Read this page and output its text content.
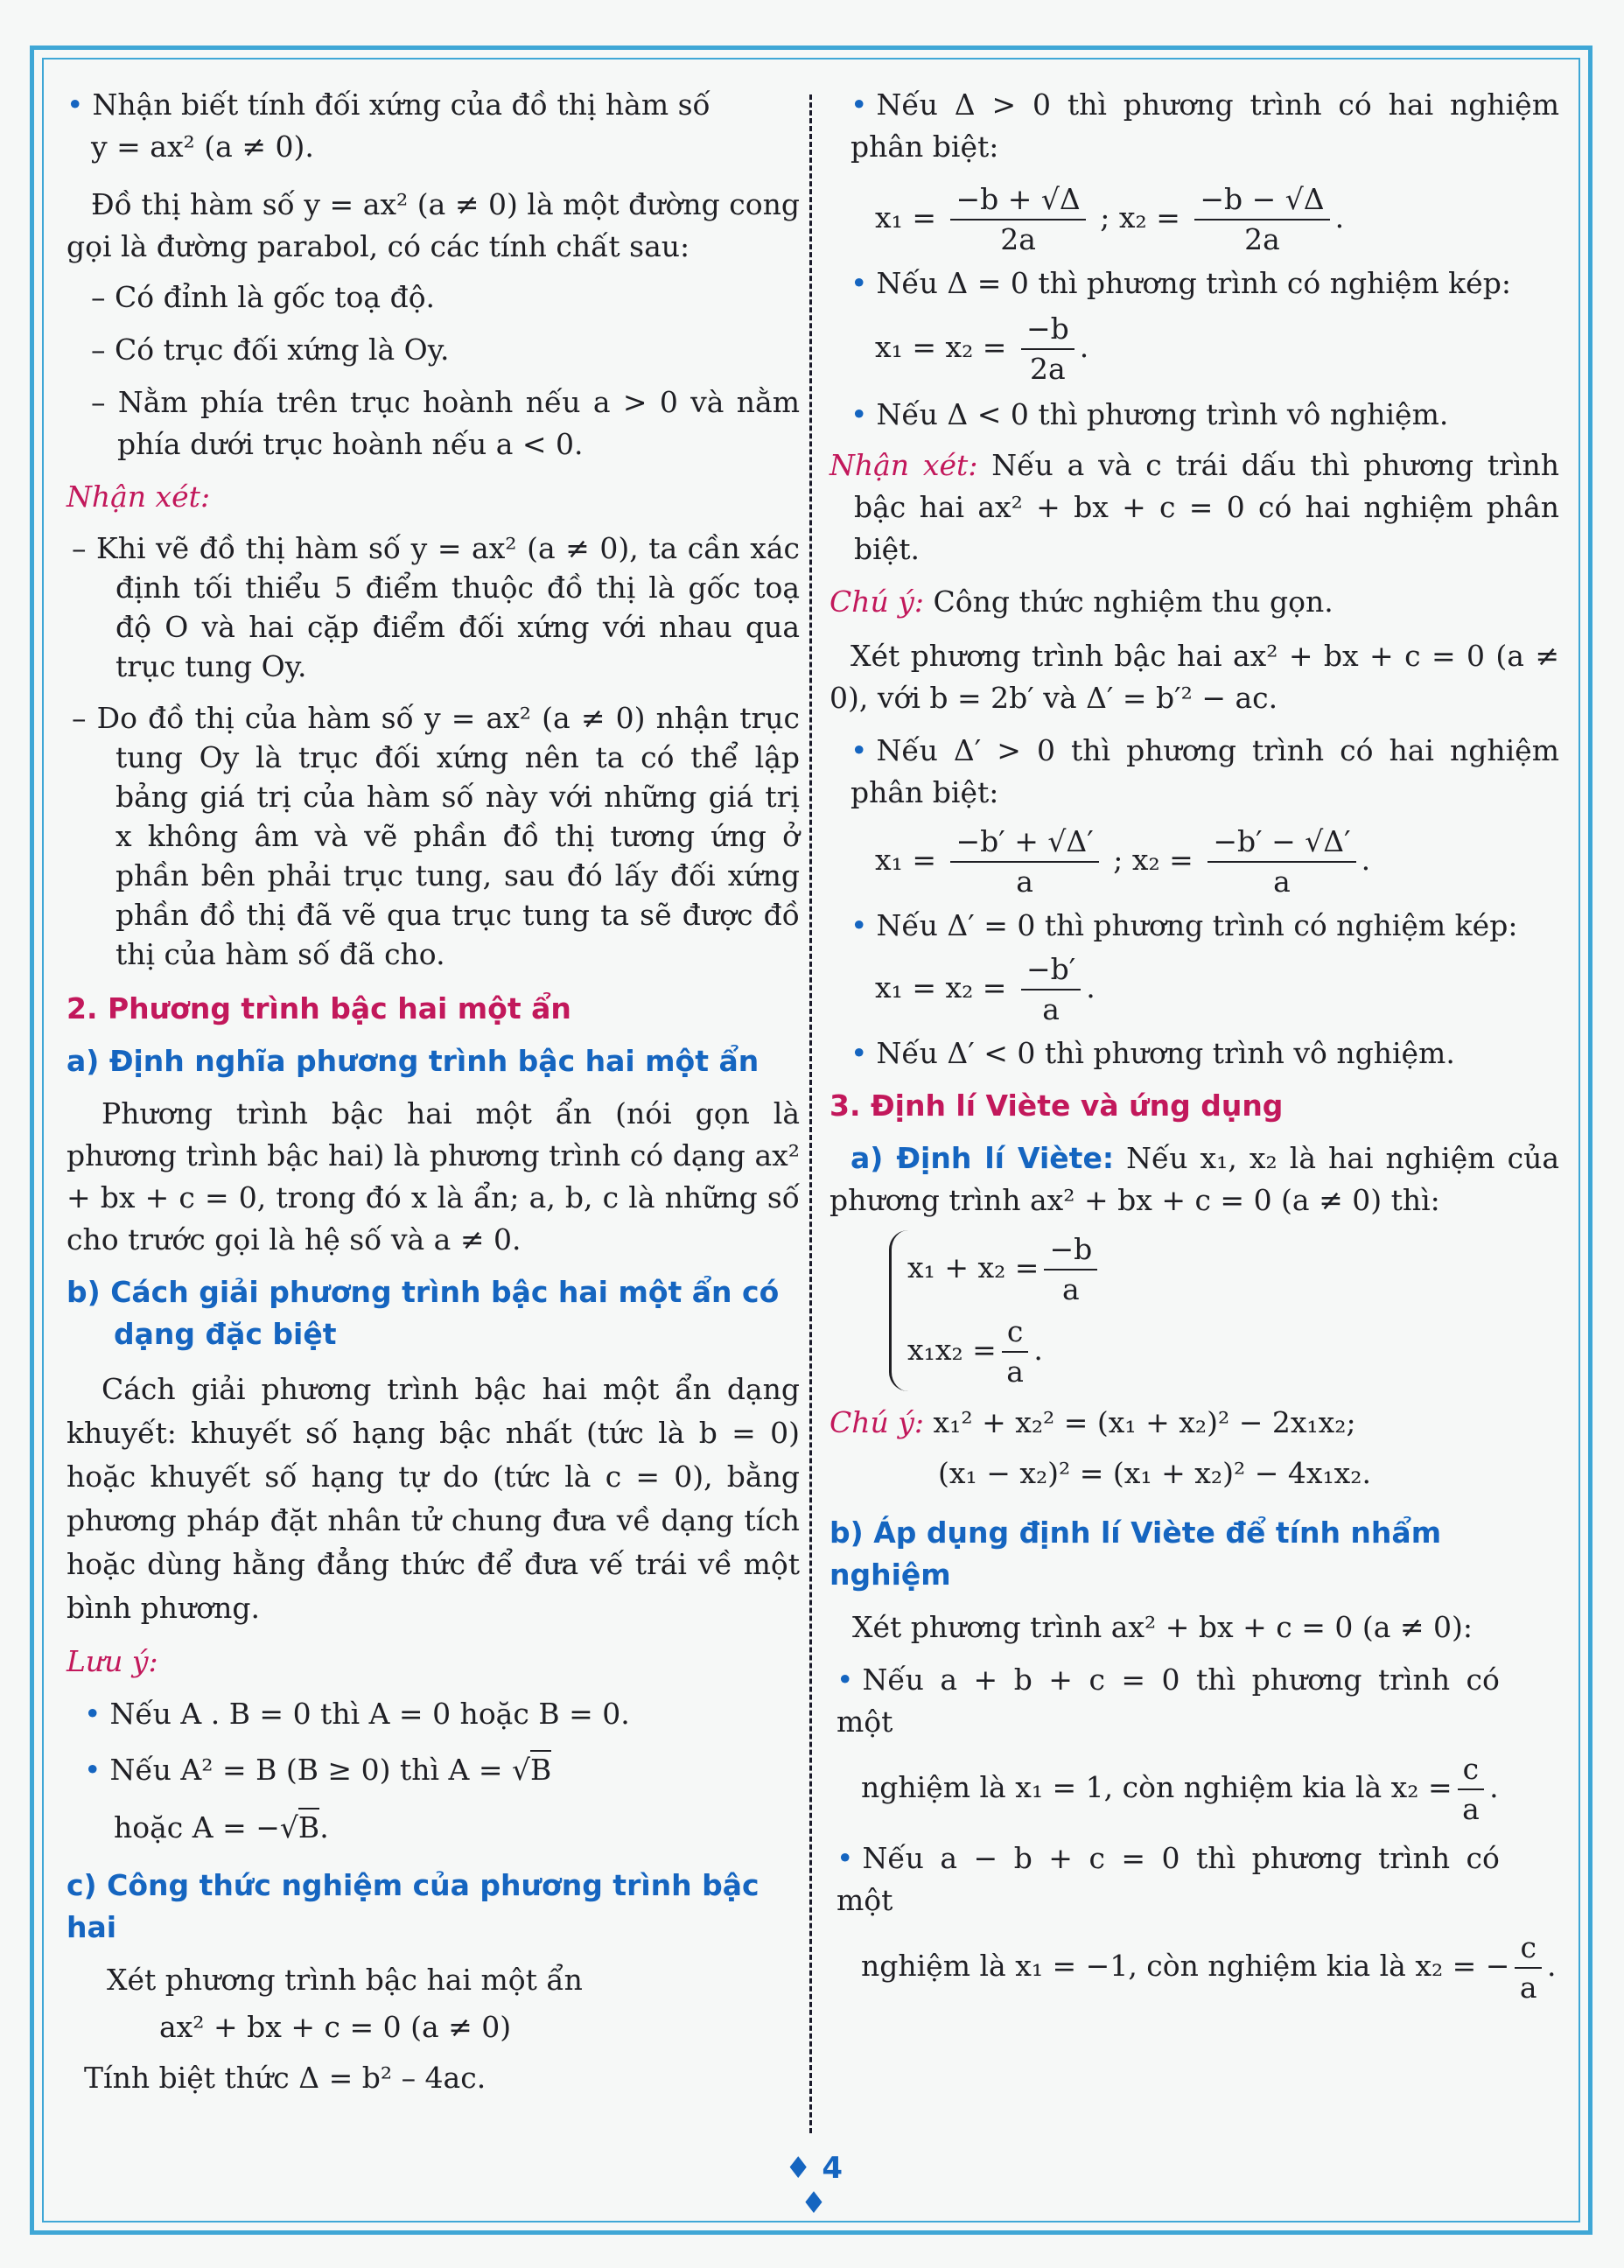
• Nhận biết tính đối xứng của đồ thị hàm số

y = ax² (a ≠ 0).

Đồ thị hàm số y = ax² (a ≠ 0) là một đường cong gọi là đường parabol, có các tính chất sau:

– Có đỉnh là gốc toạ độ.

– Có trục đối xứng là Oy.

– Nằm phía trên trục hoành nếu a > 0 và nằm phía dưới trục hoành nếu a < 0.

Nhận xét:

– Khi vẽ đồ thị hàm số y = ax² (a ≠ 0), ta cần xác định tối thiểu 5 điểm thuộc đồ thị là gốc toạ độ O và hai cặp điểm đối xứng với nhau qua trục tung Oy.

– Do đồ thị của hàm số y = ax² (a ≠ 0) nhận trục tung Oy là trục đối xứng nên ta có thể lập bảng giá trị của hàm số này với những giá trị x không âm và vẽ phần đồ thị tương ứng ở phần bên phải trục tung, sau đó lấy đối xứng phần đồ thị đã vẽ qua trục tung ta sẽ được đồ thị của hàm số đã cho.

2. Phương trình bậc hai một ẩn

a) Định nghĩa phương trình bậc hai một ẩn

Phương trình bậc hai một ẩn (nói gọn là phương trình bậc hai) là phương trình có dạng ax² + bx + c = 0, trong đó x là ẩn; a, b, c là những số cho trước gọi là hệ số và a ≠ 0.

b) Cách giải phương trình bậc hai một ẩn có dạng đặc biệt

Cách giải phương trình bậc hai một ẩn dạng khuyết: khuyết số hạng bậc nhất (tức là b = 0) hoặc khuyết số hạng tự do (tức là c = 0), bằng phương pháp đặt nhân tử chung đưa về dạng tích hoặc dùng hằng đẳng thức để đưa vế trái về một bình phương.

Lưu ý:

• Nếu A . B = 0 thì A = 0 hoặc B = 0.

• Nếu A² = B (B ≥ 0) thì A = √B

hoặc A = −√B.

c) Công thức nghiệm của phương trình bậc hai

Xét phương trình bậc hai một ẩn

ax² + bx + c = 0 (a ≠ 0)

Tính biệt thức Δ = b² – 4ac.

• Nếu Δ > 0 thì phương trình có hai nghiệm phân biệt:

$x_1 = \frac{-b + √\Delta}{2a}$ ; $x_2 = \frac{-b - √\Delta}{2a}$ .

• Nếu Δ = 0 thì phương trình có nghiệm kép:

$x_1 = x_2 = \frac{-b}{2a}$ .

• Nếu Δ < 0 thì phương trình vô nghiệm.

Nhận xét: Nếu a và c trái dấu thì phương trình bậc hai ax² + bx + c = 0 có hai nghiệm phân biệt.

Chú ý: Công thức nghiệm thu gọn.

Xét phương trình bậc hai ax² + bx + c = 0 (a ≠ 0), với b = 2b′ và Δ′ = b′² − ac.

• Nếu Δ′ > 0 thì phương trình có hai nghiệm phân biệt:

$x_1 = \frac{-b' + √\Delta'}{a}$ ; $x_2 = \frac{-b' - √\Delta'}{a}$ .

• Nếu Δ′ = 0 thì phương trình có nghiệm kép:

$x_1 = x_2 = \frac{-b'}{a}$ .

• Nếu Δ′ < 0 thì phương trình vô nghiệm.

3. Định lí Viète và ứng dụng

a) Định lí Viète: Nếu x₁, x₂ là hai nghiệm của phương trình ax² + bx + c = 0 (a ≠ 0) thì:

$x_1 + x_2 = \frac{-b}{a}$

$x_1x_2 = \frac{c}{a}$ .

Chú ý: x₁² + x₂² = (x₁ + x₂)² − 2x₁x₂;

(x₁ − x₂)² = (x₁ + x₂)² − 4x₁x₂.

b) Áp dụng định lí Viète để tính nhẩm nghiệm

Xét phương trình ax² + bx + c = 0 (a ≠ 0):

• Nếu a + b + c = 0 thì phương trình có một

nghiệm là x₁ = 1, còn nghiệm kia là $x_2 = \frac{c}{a}$ .

• Nếu a − b + c = 0 thì phương trình có một

nghiệm là x₁ = −1, còn nghiệm kia là x₂ = − $\frac{c}{a}$ .

♦ 4 ♦
